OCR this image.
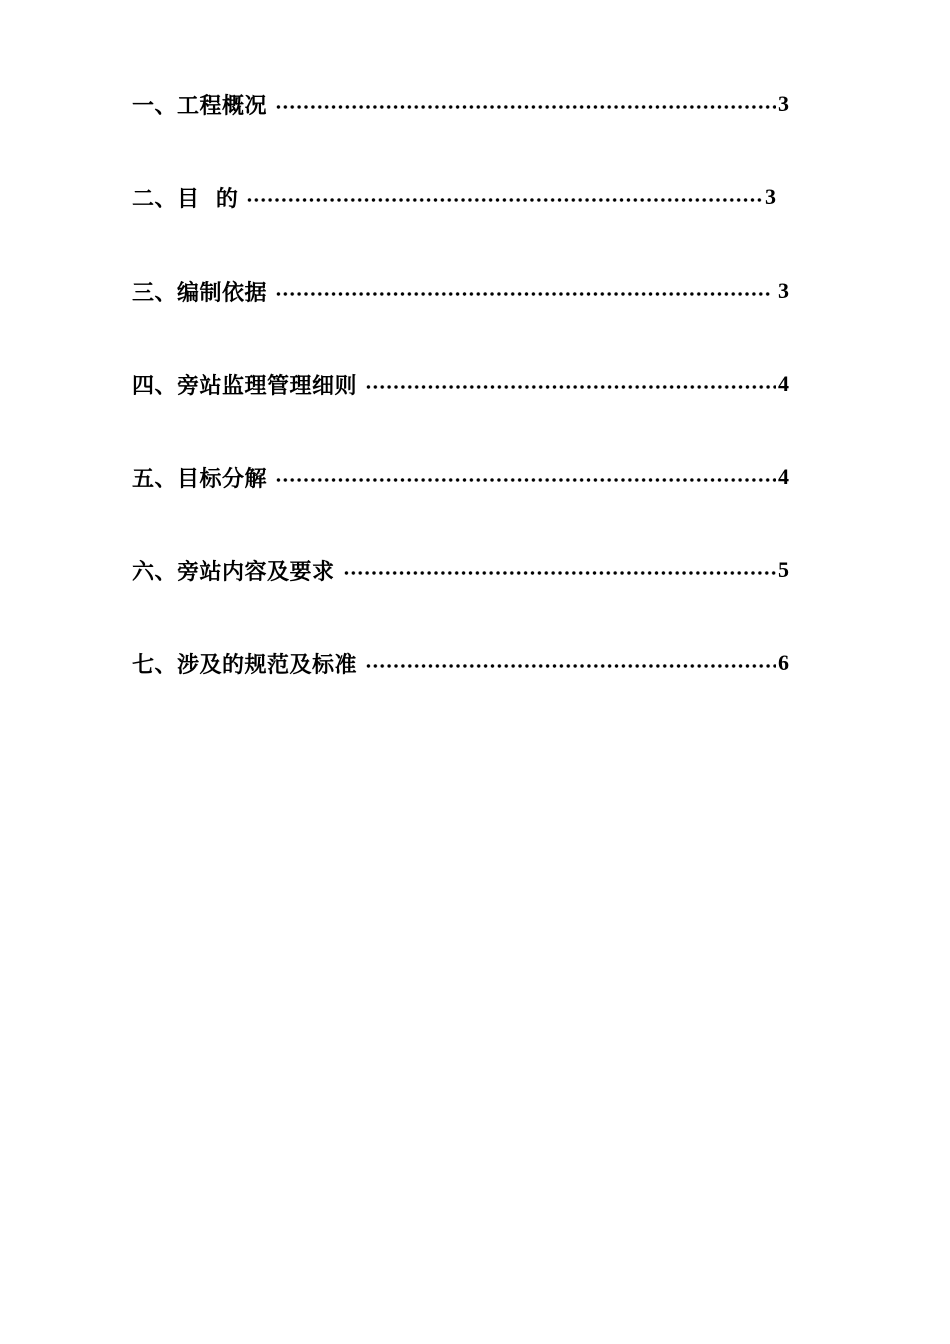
一、工程概况	3
二、目  的	3
三、编制依据	3
四、旁站监理管理细则	4
五、目标分解	4
六、旁站内容及要求	5
七、涉及的规范及标准	6
